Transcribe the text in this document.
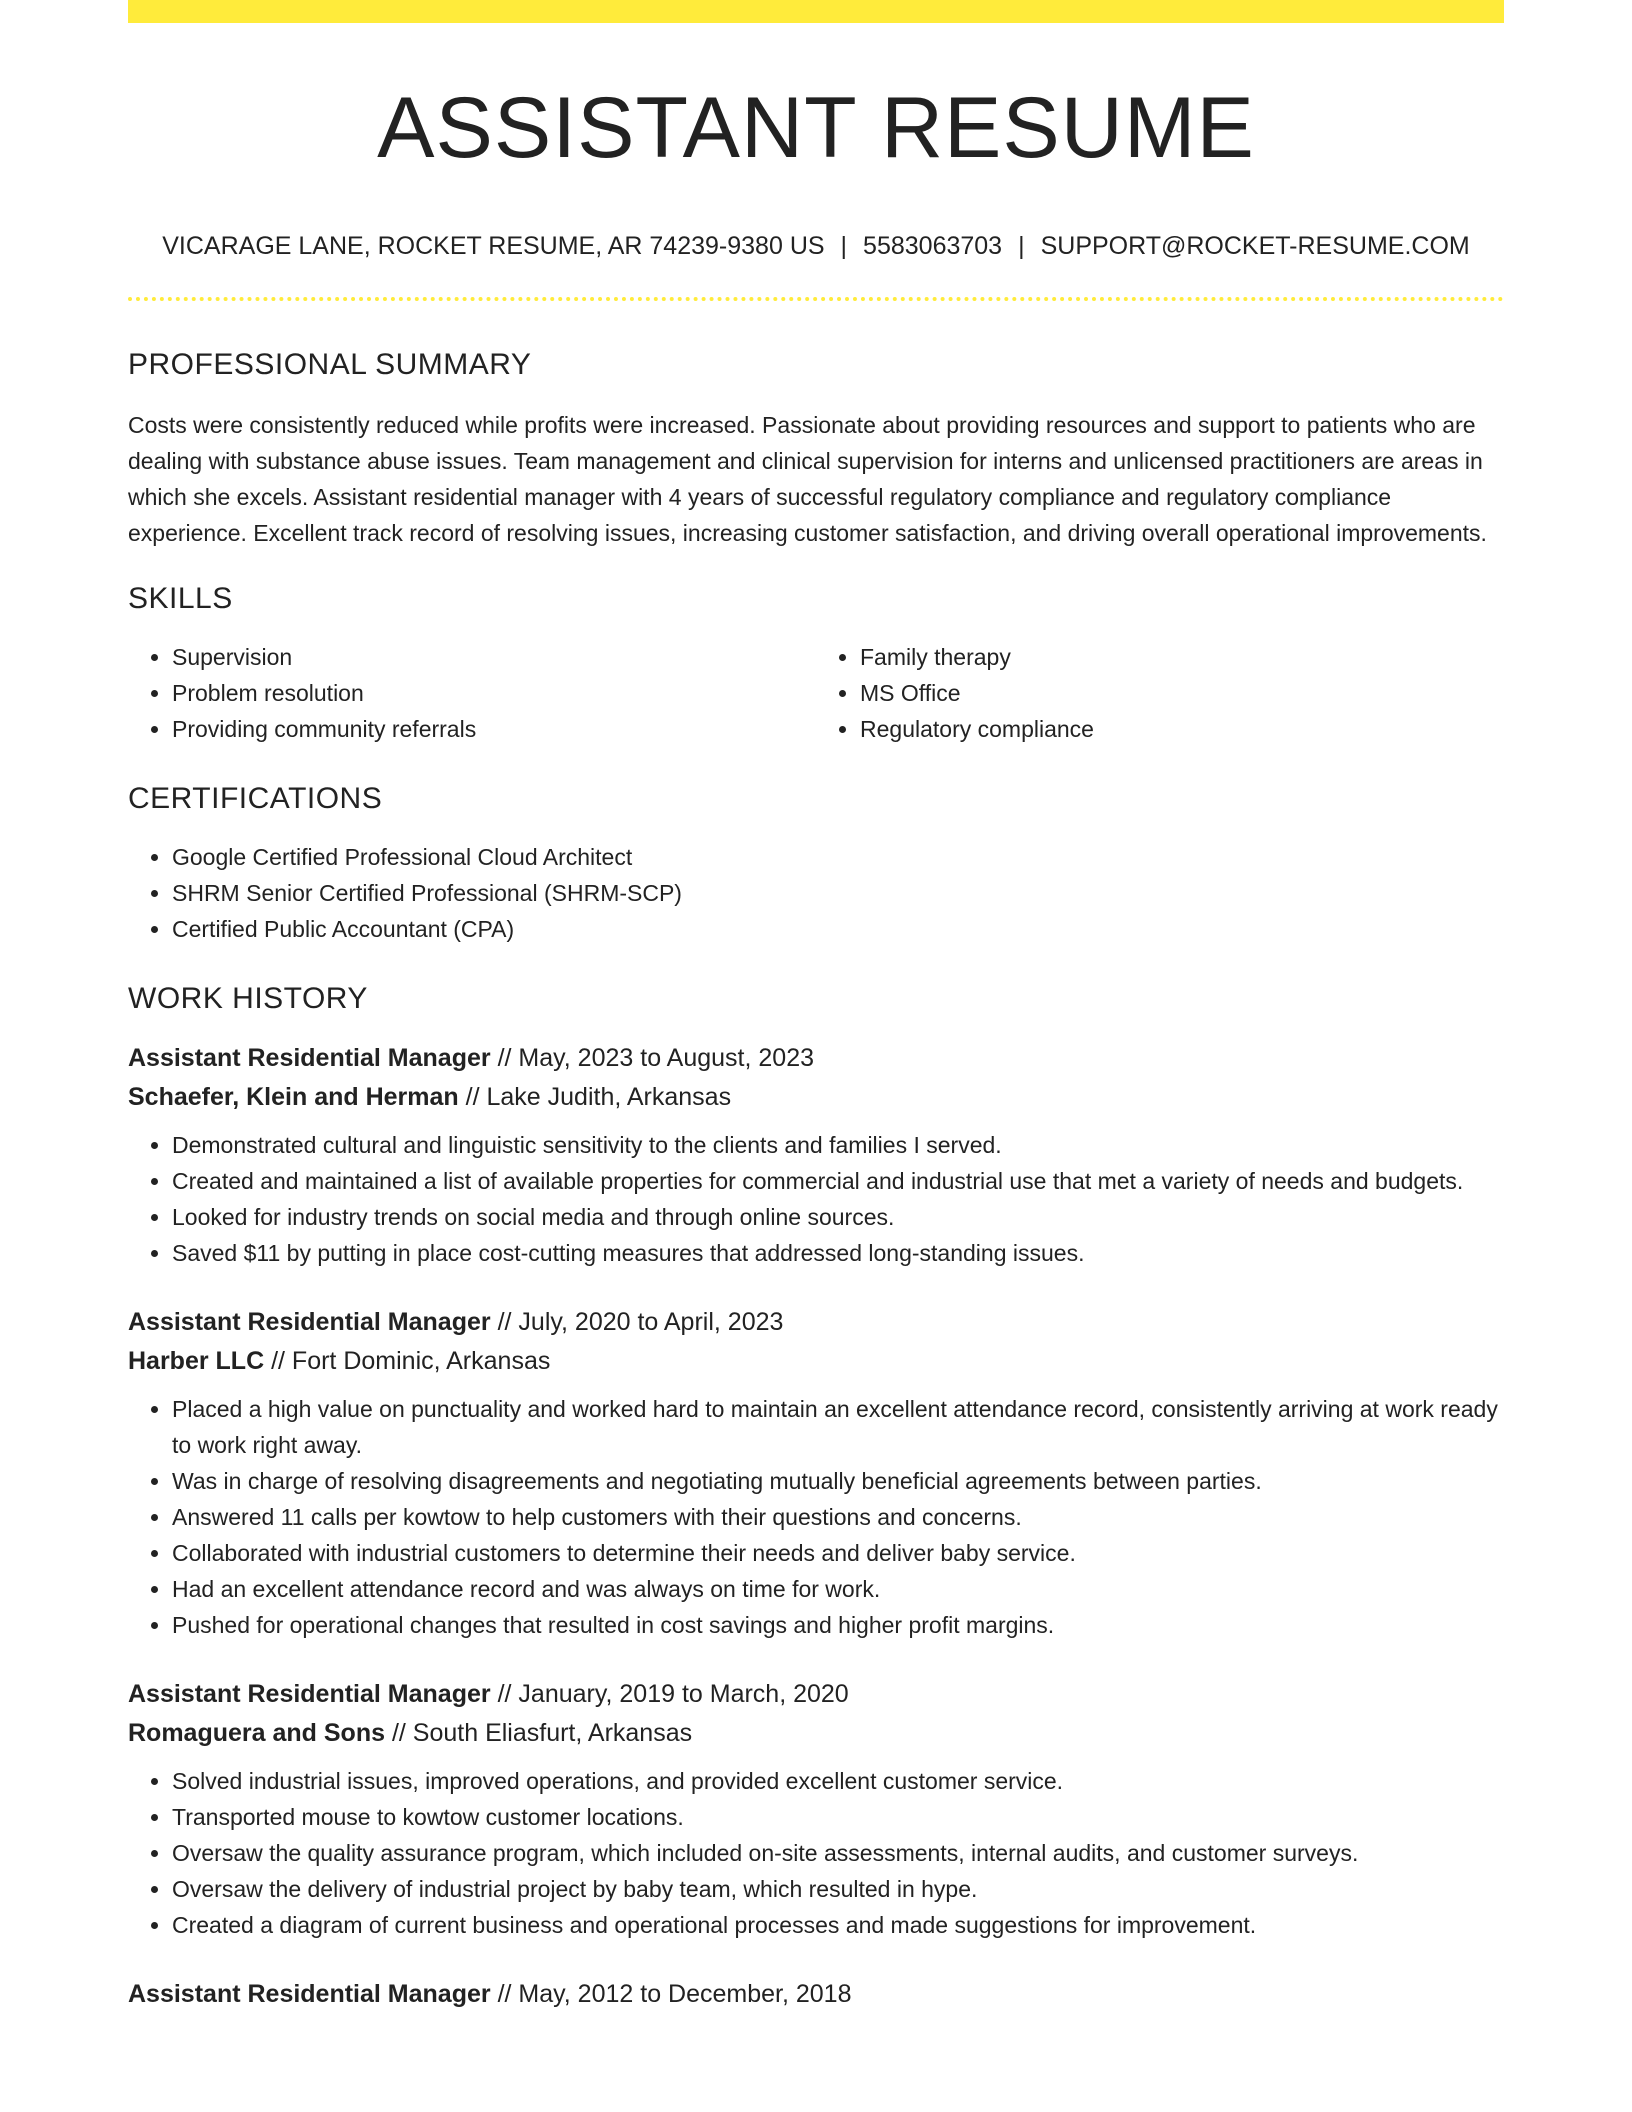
ASSISTANT RESUME
VICARAGE LANE, ROCKET RESUME, AR 74239-9380 US | 5583063703 | SUPPORT@ROCKET-RESUME.COM
PROFESSIONAL SUMMARY

Costs were consistently reduced while profits were increased. Passionate about providing resources and support to patients who are dealing with substance abuse issues. Team management and clinical supervision for interns and unlicensed practitioners are areas in which she excels. Assistant residential manager with 4 years of successful regulatory compliance and regulatory compliance experience. Excellent track record of resolving issues, increasing customer satisfaction, and driving overall operational improvements.

SKILLS
• Supervision
• Problem resolution
• Providing community referrals
• Family therapy
• MS Office
• Regulatory compliance
CERTIFICATIONS
• Google Certified Professional Cloud Architect
• SHRM Senior Certified Professional (SHRM-SCP)
• Certified Public Accountant (CPA)
WORK HISTORY
Assistant Residential Manager // May, 2023 to August, 2023
Schaefer, Klein and Herman // Lake Judith, Arkansas
• Demonstrated cultural and linguistic sensitivity to the clients and families I served.
• Created and maintained a list of available properties for commercial and industrial use that met a variety of needs and budgets.
• Looked for industry trends on social media and through online sources.
• Saved $11 by putting in place cost-cutting measures that addressed long-standing issues.
Assistant Residential Manager // July, 2020 to April, 2023
Harber LLC // Fort Dominic, Arkansas
• Placed a high value on punctuality and worked hard to maintain an excellent attendance record, consistently arriving at work ready to work right away.
• Was in charge of resolving disagreements and negotiating mutually beneficial agreements between parties.
• Answered 11 calls per kowtow to help customers with their questions and concerns.
• Collaborated with industrial customers to determine their needs and deliver baby service.
• Had an excellent attendance record and was always on time for work.
• Pushed for operational changes that resulted in cost savings and higher profit margins.
Assistant Residential Manager // January, 2019 to March, 2020
Romaguera and Sons // South Eliasfurt, Arkansas
• Solved industrial issues, improved operations, and provided excellent customer service.
• Transported mouse to kowtow customer locations.
• Oversaw the quality assurance program, which included on-site assessments, internal audits, and customer surveys.
• Oversaw the delivery of industrial project by baby team, which resulted in hype.
• Created a diagram of current business and operational processes and made suggestions for improvement.
Assistant Residential Manager // May, 2012 to December, 2018
